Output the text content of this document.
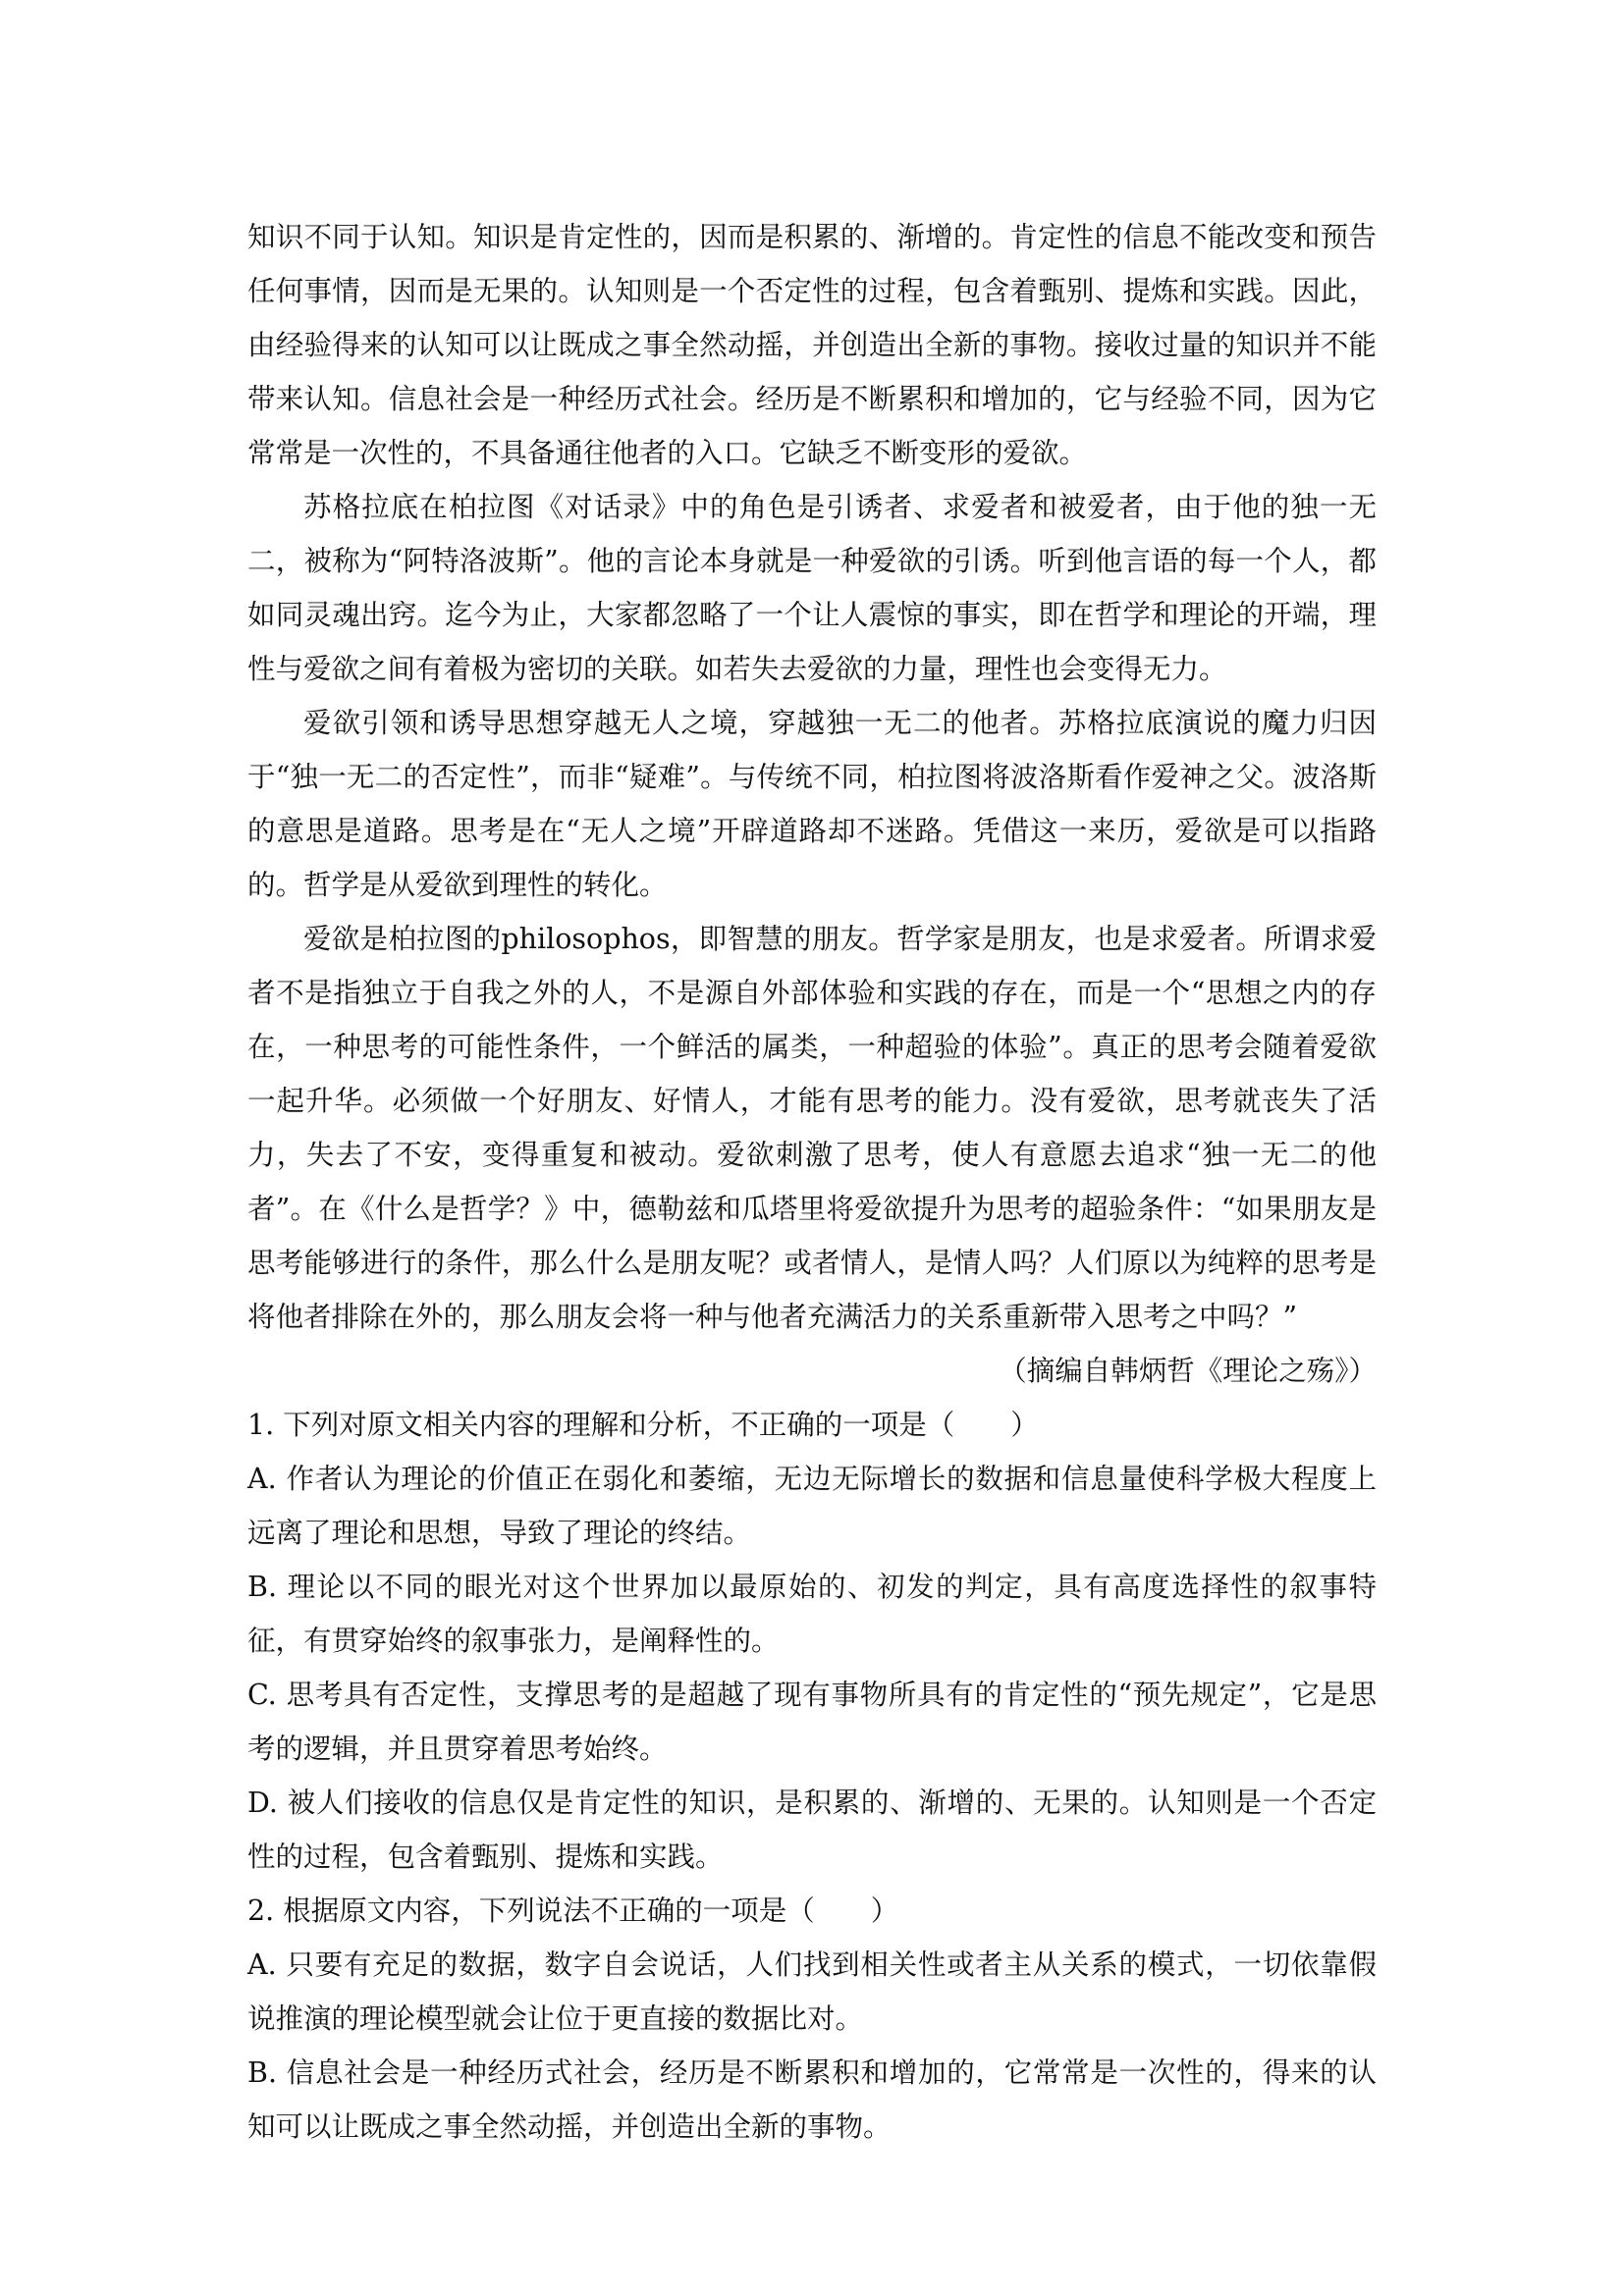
知识不同于认知。知识是肯定性的，因而是积累的、渐增的。肯定性的信息不能改变和预告任何事情，因而是无果的。认知则是一个否定性的过程，包含着甄别、提炼和实践。因此，由经验得来的认知可以让既成之事全然动摇，并创造出全新的事物。接收过量的知识并不能带来认知。信息社会是一种经历式社会。经历是不断累积和增加的，它与经验不同，因为它常常是一次性的，不具备通往他者的入口。它缺乏不断变形的爱欲。

苏格拉底在柏拉图《对话录》中的角色是引诱者、求爱者和被爱者，由于他的独一无二，被称为“阿特洛波斯”。他的言论本身就是一种爱欲的引诱。听到他言语的每一个人，都如同灵魂出窍。迄今为止，大家都忽略了一个让人震惊的事实，即在哲学和理论的开端，理性与爱欲之间有着极为密切的关联。如若失去爱欲的力量，理性也会变得无力。

爱欲引领和诱导思想穿越无人之境，穿越独一无二的他者。苏格拉底演说的魔力归因于“独一无二的否定性”，而非“疑难”。与传统不同，柏拉图将波洛斯看作爱神之父。波洛斯的意思是道路。思考是在“无人之境”开辟道路却不迷路。凭借这一来历，爱欲是可以指路的。哲学是从爱欲到理性的转化。

爱欲是柏拉图的philosophos，即智慧的朋友。哲学家是朋友，也是求爱者。所谓求爱者不是指独立于自我之外的人，不是源自外部体验和实践的存在，而是一个“思想之内的存在，一种思考的可能性条件，一个鲜活的属类，一种超验的体验”。真正的思考会随着爱欲一起升华。必须做一个好朋友、好情人，才能有思考的能力。没有爱欲，思考就丧失了活力，失去了不安，变得重复和被动。爱欲刺激了思考，使人有意愿去追求“独一无二的他者”。在《什么是哲学？》中，德勒兹和瓜塔里将爱欲提升为思考的超验条件：“如果朋友是思考能够进行的条件，那么什么是朋友呢？或者情人，是情人吗？人们原以为纯粹的思考是将他者排除在外的，那么朋友会将一种与他者充满活力的关系重新带入思考之中吗？”

（摘编自韩炳哲《理论之殇》）

1. 下列对原文相关内容的理解和分析，不正确的一项是（　　）

A. 作者认为理论的价值正在弱化和萎缩，无边无际增长的数据和信息量使科学极大程度上远离了理论和思想，导致了理论的终结。

B. 理论以不同的眼光对这个世界加以最原始的、初发的判定，具有高度选择性的叙事特征，有贯穿始终的叙事张力，是阐释性的。

C. 思考具有否定性，支撑思考的是超越了现有事物所具有的肯定性的“预先规定”，它是思考的逻辑，并且贯穿着思考始终。

D. 被人们接收的信息仅是肯定性的知识，是积累的、渐增的、无果的。认知则是一个否定性的过程，包含着甄别、提炼和实践。

2. 根据原文内容，下列说法不正确的一项是（　　）

A. 只要有充足的数据，数字自会说话，人们找到相关性或者主从关系的模式，一切依靠假说推演的理论模型就会让位于更直接的数据比对。

B. 信息社会是一种经历式社会，经历是不断累积和增加的，它常常是一次性的，得来的认知可以让既成之事全然动摇，并创造出全新的事物。
